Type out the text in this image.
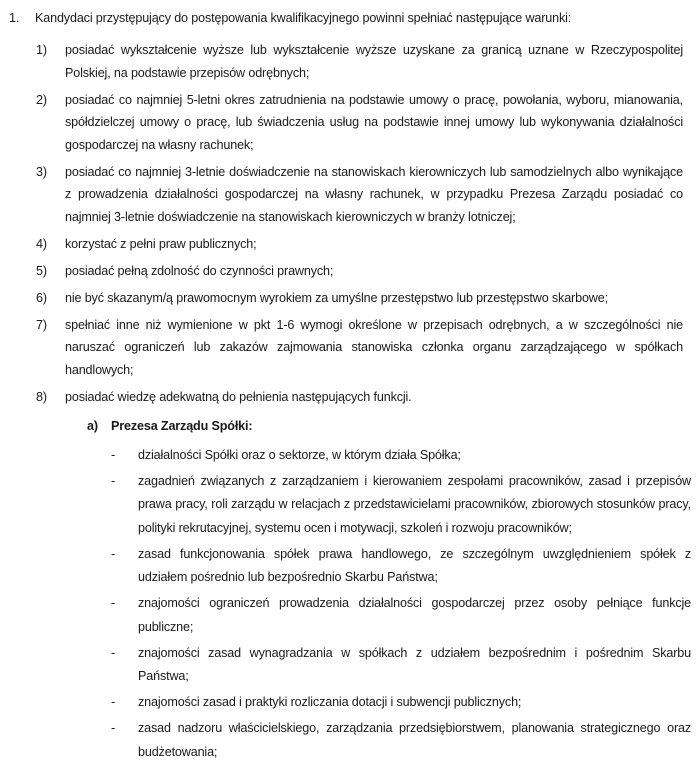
1. Kandydaci przystępujący do postępowania kwalifikacyjnego powinni spełniać następujące warunki:
1) posiadać wykształcenie wyższe lub wykształcenie wyższe uzyskane za granicą uznane w Rzeczypospolitej Polskiej, na podstawie przepisów odrębnych;
2) posiadać co najmniej 5-letni okres zatrudnienia na podstawie umowy o pracę, powołania, wyboru, mianowania, spółdzielczej umowy o pracę, lub świadczenia usług na podstawie innej umowy lub wykonywania działalności gospodarczej na własny rachunek;
3) posiadać co najmniej 3-letnie doświadczenie na stanowiskach kierowniczych lub samodzielnych albo wynikające z prowadzenia działalności gospodarczej na własny rachunek, w przypadku Prezesa Zarządu posiadać co najmniej 3-letnie doświadczenie na stanowiskach kierowniczych w branży lotniczej;
4) korzystać z pełni praw publicznych;
5) posiadać pełną zdolność do czynności prawnych;
6) nie być skazanym/ą prawomocnym wyrokiem za umyślne przestępstwo lub przestępstwo skarbowe;
7) spełniać inne niż wymienione w pkt 1-6 wymogi określone w przepisach odrębnych, a w szczególności nie naruszać ograniczeń lub zakazów zajmowania stanowiska członka organu zarządzającego w spółkach handlowych;
8) posiadać wiedzę adekwatną do pełnienia następujących funkcji.
a) Prezesa Zarządu Spółki:
- działalności Spółki oraz o sektorze, w którym działa Spółka;
- zagadnień związanych z zarządzaniem i kierowaniem zespołami pracowników, zasad i przepisów prawa pracy, roli zarządu w relacjach z przedstawicielami pracowników, zbiorowych stosunków pracy, polityki rekrutacyjnej, systemu ocen i motywacji, szkoleń i rozwoju pracowników;
- zasad funkcjonowania spółek prawa handlowego, ze szczególnym uwzględnieniem spółek z udziałem pośrednio lub bezpośrednio Skarbu Państwa;
- znajomości ograniczeń prowadzenia działalności gospodarczej przez osoby pełniące funkcje publiczne;
- znajomości zasad wynagradzania w spółkach z udziałem bezpośrednim i pośrednim Skarbu Państwa;
- znajomości zasad i praktyki rozliczania dotacji i subwencji publicznych;
- zasad nadzoru właścicielskiego, zarządzania przedsiębiorstwem, planowania strategicznego oraz budżetowania;
